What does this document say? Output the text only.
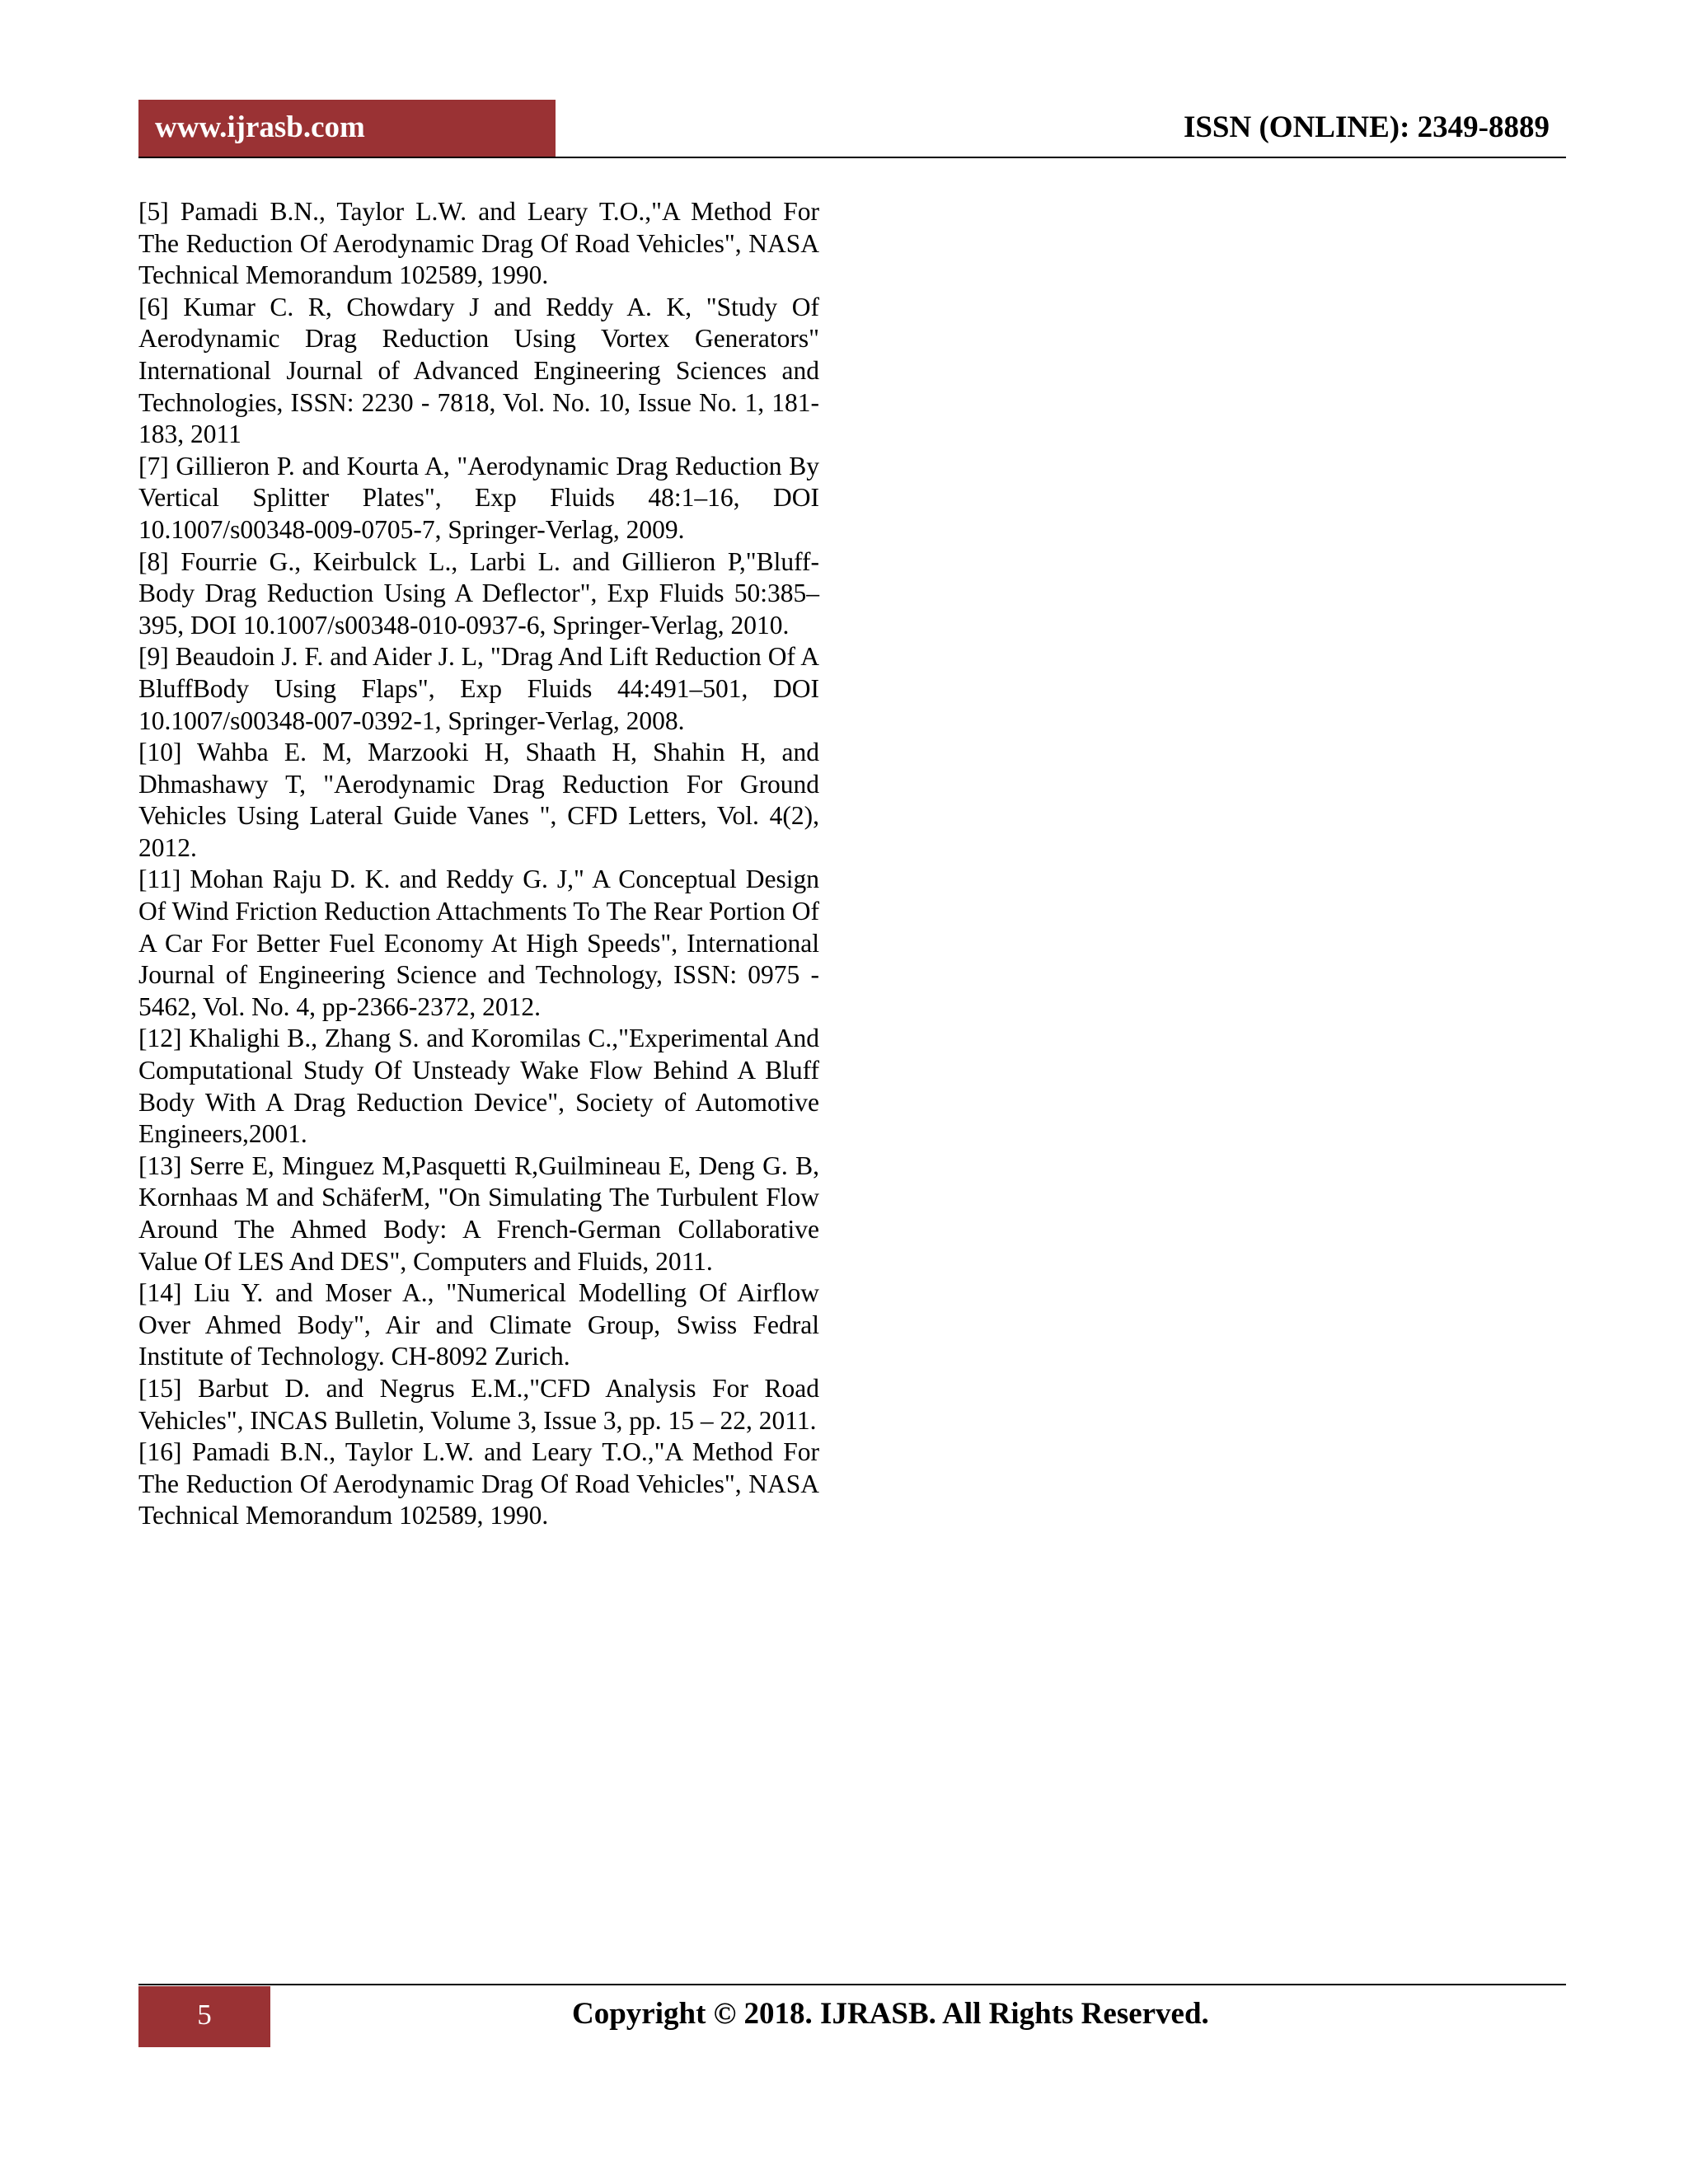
www.ijrasb.com	ISSN (ONLINE): 2349-8889
[5] Pamadi B.N., Taylor L.W. and Leary T.O.,"A Method For The Reduction Of Aerodynamic Drag Of Road Vehicles", NASA Technical Memorandum 102589, 1990.
[6] Kumar C. R, Chowdary J and Reddy A. K, "Study Of Aerodynamic Drag Reduction Using Vortex Generators" International Journal of Advanced Engineering Sciences and Technologies, ISSN: 2230 - 7818, Vol. No. 10, Issue No. 1, 181-183, 2011
[7] Gillieron P. and Kourta A, "Aerodynamic Drag Reduction By Vertical Splitter Plates", Exp Fluids 48:1–16, DOI 10.1007/s00348-009-0705-7, Springer-Verlag, 2009.
[8] Fourrie G., Keirbulck L., Larbi L. and Gillieron P,"Bluff-Body Drag Reduction Using A Deflector", Exp Fluids 50:385–395, DOI 10.1007/s00348-010-0937-6, Springer-Verlag, 2010.
[9] Beaudoin J. F. and Aider J. L, "Drag And Lift Reduction Of A BluffBody Using Flaps", Exp Fluids 44:491–501, DOI 10.1007/s00348-007-0392-1, Springer-Verlag, 2008.
[10] Wahba E. M, Marzooki H, Shaath H, Shahin H, and Dhmashawy T, "Aerodynamic Drag Reduction For Ground Vehicles Using Lateral Guide Vanes ", CFD Letters, Vol. 4(2), 2012.
[11] Mohan Raju D. K. and Reddy G. J," A Conceptual Design Of Wind Friction Reduction Attachments To The Rear Portion Of A Car For Better Fuel Economy At High Speeds", International Journal of Engineering Science and Technology, ISSN: 0975 - 5462, Vol. No. 4, pp-2366-2372, 2012.
[12] Khalighi B., Zhang S. and Koromilas C.,"Experimental And Computational Study Of Unsteady Wake Flow Behind A Bluff Body With A Drag Reduction Device", Society of Automotive Engineers,2001.
[13] Serre E, Minguez M,Pasquetti R,Guilmineau E, Deng G. B, Kornhaas M and SchäferM, "On Simulating The Turbulent Flow Around The Ahmed Body: A French-German Collaborative Value Of LES And DES", Computers and Fluids, 2011.
[14] Liu Y. and Moser A., "Numerical Modelling Of Airflow Over Ahmed Body", Air and Climate Group, Swiss Fedral Institute of Technology. CH-8092 Zurich.
[15] Barbut D. and Negrus E.M.,"CFD Analysis For Road Vehicles", INCAS Bulletin, Volume 3, Issue 3, pp. 15 – 22, 2011.
[16] Pamadi B.N., Taylor L.W. and Leary T.O.,"A Method For The Reduction Of Aerodynamic Drag Of Road Vehicles", NASA Technical Memorandum 102589, 1990.
5	Copyright © 2018. IJRASB. All Rights Reserved.
